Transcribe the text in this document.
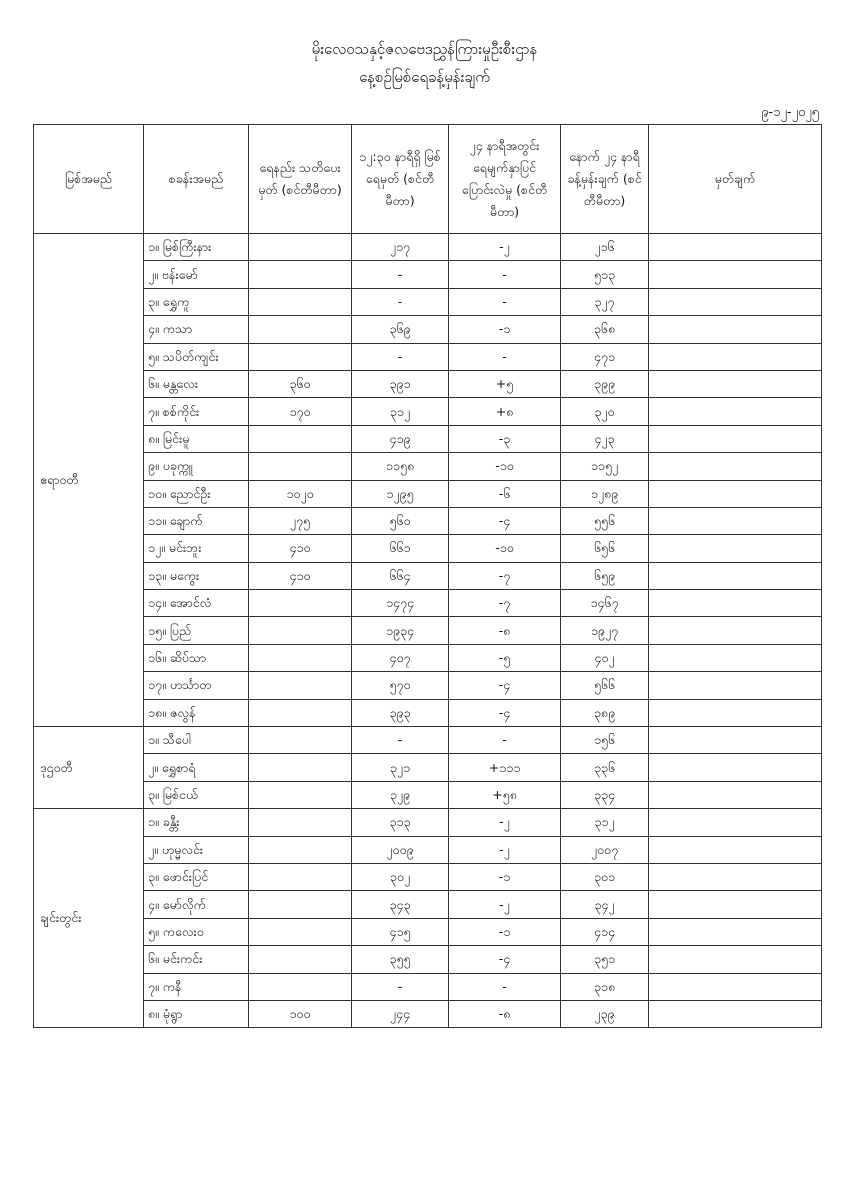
မိုးလေဝသနှင့်ဇလဗေဒညွှန်ကြားမှုဦးစီးဌာန
နေ့စဉ်မြစ်ရေခန့်မှန်းချက်
၉-၁၂-၂၀၂၅
မြစ်အမည်	စခန်းအမည်	ရေနည်း သတိပေးမှတ် (စင်တီမီတာ)	၁၂:၃၀ နာရီရှိ မြစ်ရေမှတ် (စင်တီမီတာ)	၂၄ နာရီအတွင်း ရေမျက်နှာပြင် ပြောင်းလဲမှု (စင်တီမီတာ)	နောက် ၂၄ နာရီ ခန့်မှန်းချက် (စင်တီမီတာ)	မှတ်ချက်
ဧရာဝတီ	၁။ မြစ်ကြီးနား		၂၁၇	-၂	၂၁၆	
	၂။ ဗန်းမော်		-	-	၅၁၃	
	၃။ ရွှေကူ		-	-	၃၂၇	
	၄။ ကသာ		၃၆၉	-၁	၃၆၈	
	၅။ သပိတ်ကျင်း		-	-	၄၇၁	
	၆။ မန္တလေး	၃၆၀	၃၉၁	+၅	၃၉၉	
	၇။ စစ်ကိုင်း	၁၇၀	၃၁၂	+၈	၃၂၀	
	၈။ မြင်းမူ		၄၁၉	-၃	၄၂၃	
	၉။ ပခုက္ကူ		၁၁၅၈	-၁၀	၁၁၅၂	
	၁၀။ ညောင်ဦး	၁၀၂၀	၁၂၉၅	-၆	၁၂၈၉	
	၁၁။ ချောက်	၂၇၅	၅၆၀	-၄	၅၅၆	
	၁၂။ မင်းဘူး	၄၁၀	၆၆၁	-၁၀	၆၅၆	
	၁၃။ မကွေး	၄၁၀	၆၆၄	-၇	၆၅၉	
	၁၄။ အောင်လံ		၁၄၇၄	-၇	၁၄၆၇	
	၁၅။ ပြည်		၁၉၃၄	-၈	၁၉၂၇	
	၁၆။ ဆိပ်သာ		၄၀၇	-၅	၄၀၂	
	၁၇။ ဟင်္သာတ		၅၇၀	-၄	၅၆၆	
	၁၈။ ဇလွန်		၃၉၃	-၄	၃၈၉	
ဒုဌဝတီ	၁။ သီပေါ		-	-	၁၅၆	
	၂။ ရွှေစာရံ		၃၂၁	+၁၁၁	၃၃၆	
	၃။ မြစ်ငယ်		၃၂၉	+၅၈	၃၃၄	
ချင်းတွင်း	၁။ ခန္တီး		၃၁၃	-၂	၃၁၂	
	၂။ ဟုမ္မလင်း		၂၀၀၉	-၂	၂၀၀၇	
	၃။ ဖောင်းပြင်		၃၀၂	-၁	၃၀၁	
	၄။ မော်လိုက်		၃၄၃	-၂	၃၄၂	
	၅။ ကလေးဝ		၄၁၅	-၁	၄၁၄	
	၆။ မင်းကင်း		၃၅၅	-၄	၃၅၁	
	၇။ ကနီ		-	-	၃၁၈	
	၈။ မုံရွာ	၁၀၀	၂၄၄	-၈	၂၃၉	
